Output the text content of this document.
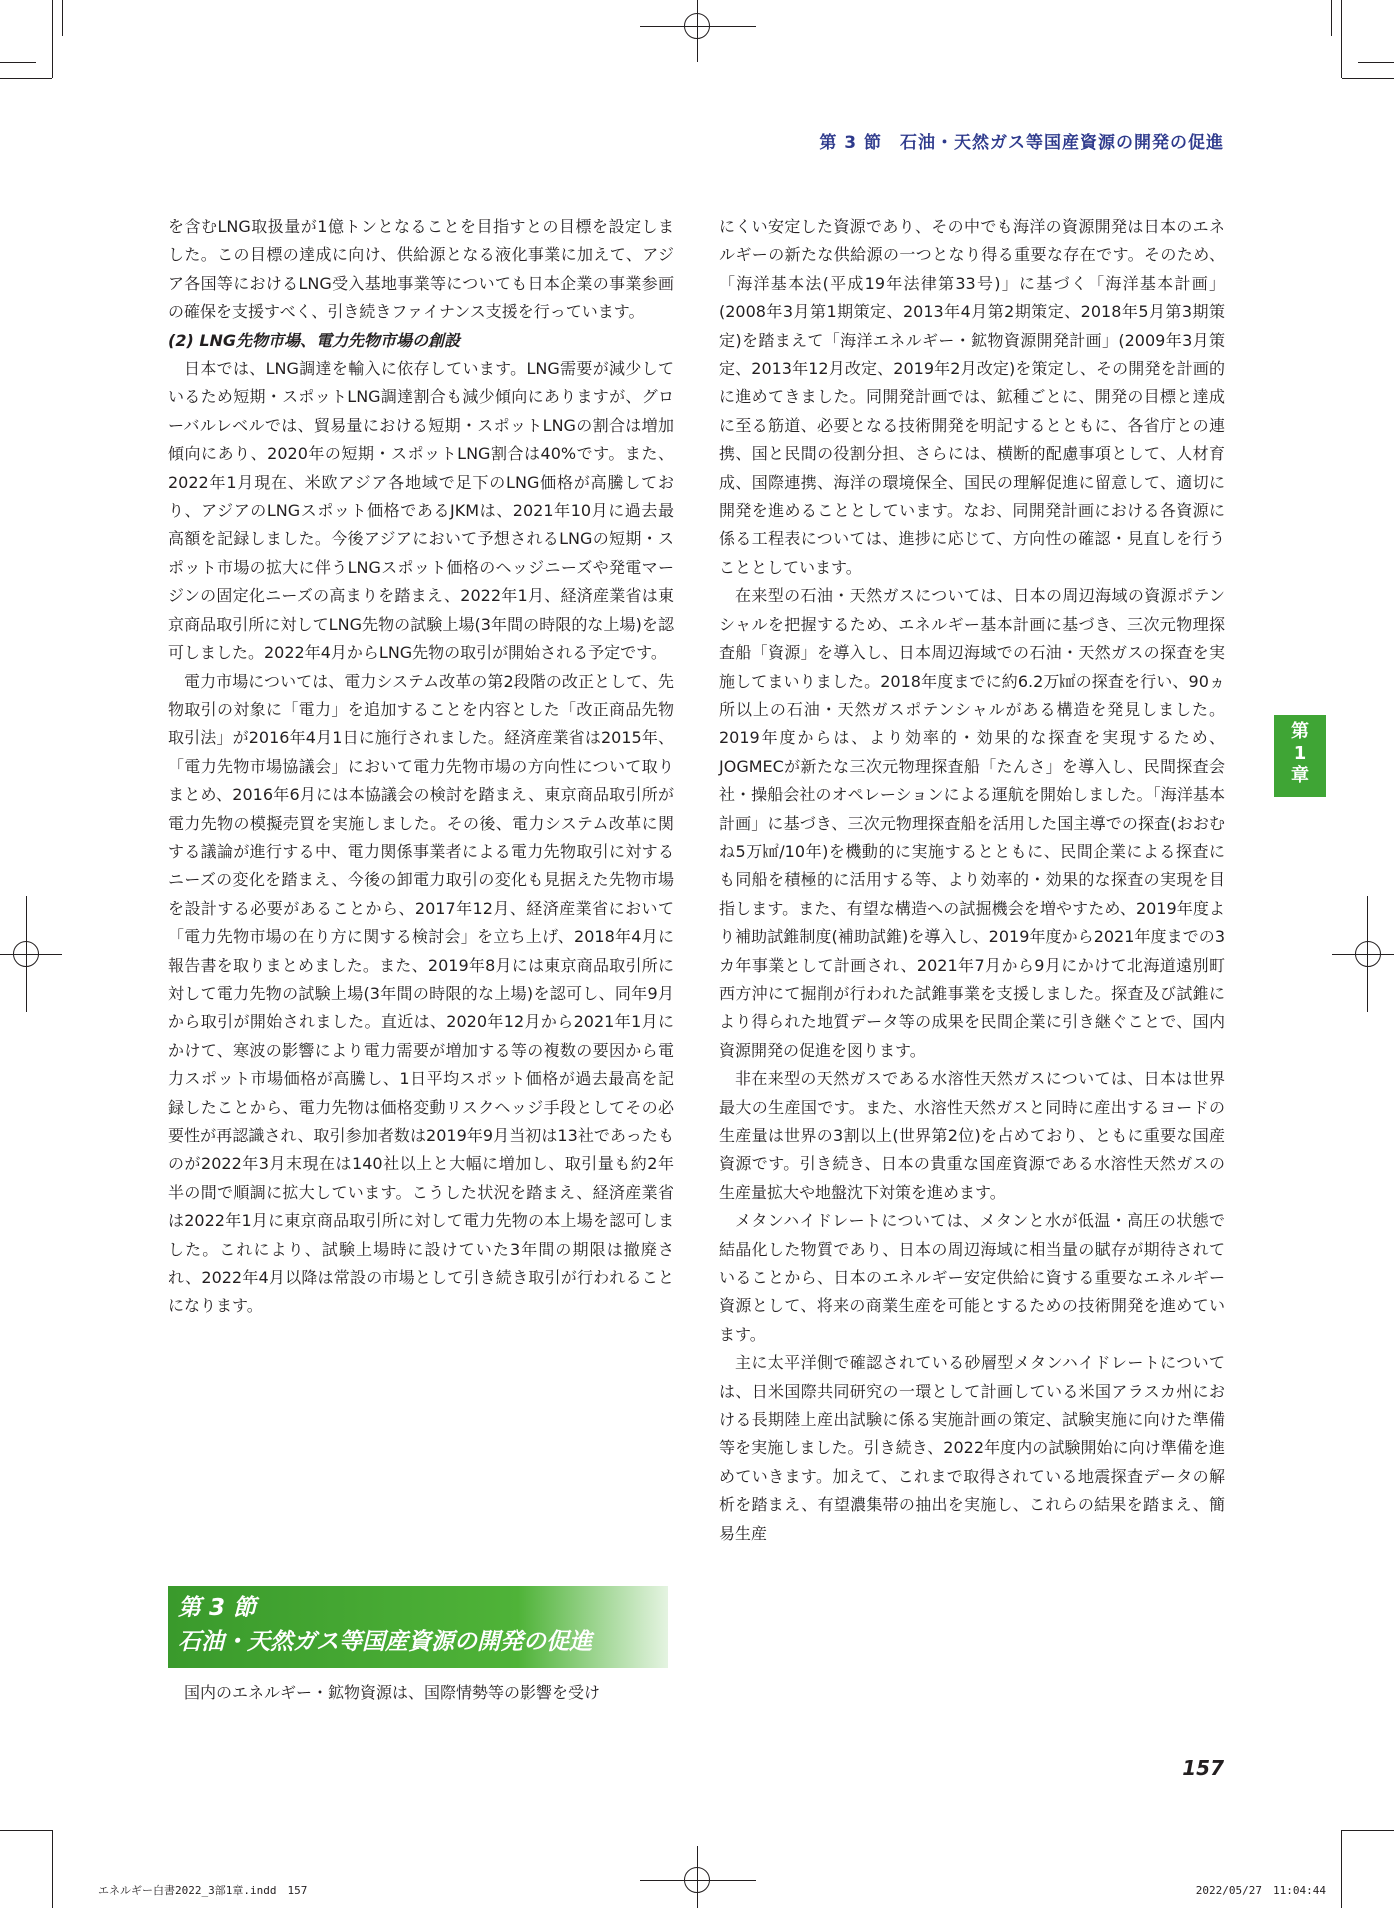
第 3 節　石油・天然ガス等国産資源の開発の促進

を含むLNG取扱量が1億トンとなることを目指すとの目標を設定しました。この目標の達成に向け、供給源となる液化事業に加えて、アジア各国等におけるLNG受入基地事業等についても日本企業の事業参画の確保を支援すべく、引き続きファイナンス支援を行っています。

(2) LNG先物市場、電力先物市場の創設

日本では、LNG調達を輸入に依存しています。LNG需要が減少しているため短期・スポットLNG調達割合も減少傾向にありますが、グローバルレベルでは、貿易量における短期・スポットLNGの割合は増加傾向にあり、2020年の短期・スポットLNG割合は40%です。また、2022年1月現在、米欧アジア各地域で足下のLNG価格が高騰しており、アジアのLNGスポット価格であるJKMは、2021年10月に過去最高額を記録しました。今後アジアにおいて予想されるLNGの短期・スポット市場の拡大に伴うLNGスポット価格のヘッジニーズや発電マージンの固定化ニーズの高まりを踏まえ、2022年1月、経済産業省は東京商品取引所に対してLNG先物の試験上場(3年間の時限的な上場)を認可しました。2022年4月からLNG先物の取引が開始される予定です。

電力市場については、電力システム改革の第2段階の改正として、先物取引の対象に「電力」を追加することを内容とした「改正商品先物取引法」が2016年4月1日に施行されました。経済産業省は2015年、「電力先物市場協議会」において電力先物市場の方向性について取りまとめ、2016年6月には本協議会の検討を踏まえ、東京商品取引所が電力先物の模擬売買を実施しました。その後、電力システム改革に関する議論が進行する中、電力関係事業者による電力先物取引に対するニーズの変化を踏まえ、今後の卸電力取引の変化も見据えた先物市場を設計する必要があることから、2017年12月、経済産業省において「電力先物市場の在り方に関する検討会」を立ち上げ、2018年4月に報告書を取りまとめました。また、2019年8月には東京商品取引所に対して電力先物の試験上場(3年間の時限的な上場)を認可し、同年9月から取引が開始されました。直近は、2020年12月から2021年1月にかけて、寒波の影響により電力需要が増加する等の複数の要因から電力スポット市場価格が高騰し、1日平均スポット価格が過去最高を記録したことから、電力先物は価格変動リスクヘッジ手段としてその必要性が再認識され、取引参加者数は2019年9月当初は13社であったものが2022年3月末現在は140社以上と大幅に増加し、取引量も約2年半の間で順調に拡大しています。こうした状況を踏まえ、経済産業省は2022年1月に東京商品取引所に対して電力先物の本上場を認可しました。これにより、試験上場時に設けていた3年間の期限は撤廃され、2022年4月以降は常設の市場として引き続き取引が行われることになります。

第 3 節
石油・天然ガス等国産資源の開発の促進
国内のエネルギー・鉱物資源は、国際情勢等の影響を受け

にくい安定した資源であり、その中でも海洋の資源開発は日本のエネルギーの新たな供給源の一つとなり得る重要な存在です。そのため、「海洋基本法(平成19年法律第33号)」に基づく「海洋基本計画」(2008年3月第1期策定、2013年4月第2期策定、2018年5月第3期策定)を踏まえて「海洋エネルギー・鉱物資源開発計画」(2009年3月策定、2013年12月改定、2019年2月改定)を策定し、その開発を計画的に進めてきました。同開発計画では、鉱種ごとに、開発の目標と達成に至る筋道、必要となる技術開発を明記するとともに、各省庁との連携、国と民間の役割分担、さらには、横断的配慮事項として、人材育成、国際連携、海洋の環境保全、国民の理解促進に留意して、適切に開発を進めることとしています。なお、同開発計画における各資源に係る工程表については、進捗に応じて、方向性の確認・見直しを行うこととしています。

在来型の石油・天然ガスについては、日本の周辺海域の資源ポテンシャルを把握するため、エネルギー基本計画に基づき、三次元物理探査船「資源」を導入し、日本周辺海域での石油・天然ガスの探査を実施してまいりました。2018年度までに約6.2万㎢の探査を行い、90ヵ所以上の石油・天然ガスポテンシャルがある構造を発見しました。2019年度からは、より効率的・効果的な探査を実現するため、JOGMECが新たな三次元物理探査船「たんさ」を導入し、民間探査会社・操船会社のオペレーションによる運航を開始しました。「海洋基本計画」に基づき、三次元物理探査船を活用した国主導での探査(おおむね5万㎢/10年)を機動的に実施するとともに、民間企業による探査にも同船を積極的に活用する等、より効率的・効果的な探査の実現を目指します。また、有望な構造への試掘機会を増やすため、2019年度より補助試錐制度(補助試錐)を導入し、2019年度から2021年度までの3カ年事業として計画され、2021年7月から9月にかけて北海道遠別町西方沖にて掘削が行われた試錐事業を支援しました。探査及び試錐により得られた地質データ等の成果を民間企業に引き継ぐことで、国内資源開発の促進を図ります。

非在来型の天然ガスである水溶性天然ガスについては、日本は世界最大の生産国です。また、水溶性天然ガスと同時に産出するヨードの生産量は世界の3割以上(世界第2位)を占めており、ともに重要な国産資源です。引き続き、日本の貴重な国産資源である水溶性天然ガスの生産量拡大や地盤沈下対策を進めます。

メタンハイドレートについては、メタンと水が低温・高圧の状態で結晶化した物質であり、日本の周辺海域に相当量の賦存が期待されていることから、日本のエネルギー安定供給に資する重要なエネルギー資源として、将来の商業生産を可能とするための技術開発を進めています。

主に太平洋側で確認されている砂層型メタンハイドレートについては、日米国際共同研究の一環として計画している米国アラスカ州における長期陸上産出試験に係る実施計画の策定、試験実施に向けた準備等を実施しました。引き続き、2022年度内の試験開始に向け準備を進めていきます。加えて、これまで取得されている地震探査データの解析を踏まえ、有望濃集帯の抽出を実施し、これらの結果を踏まえ、簡易生産

第
1
章
157
エネルギー白書2022_3部1章.indd　157	2022/05/27　11:04:44
